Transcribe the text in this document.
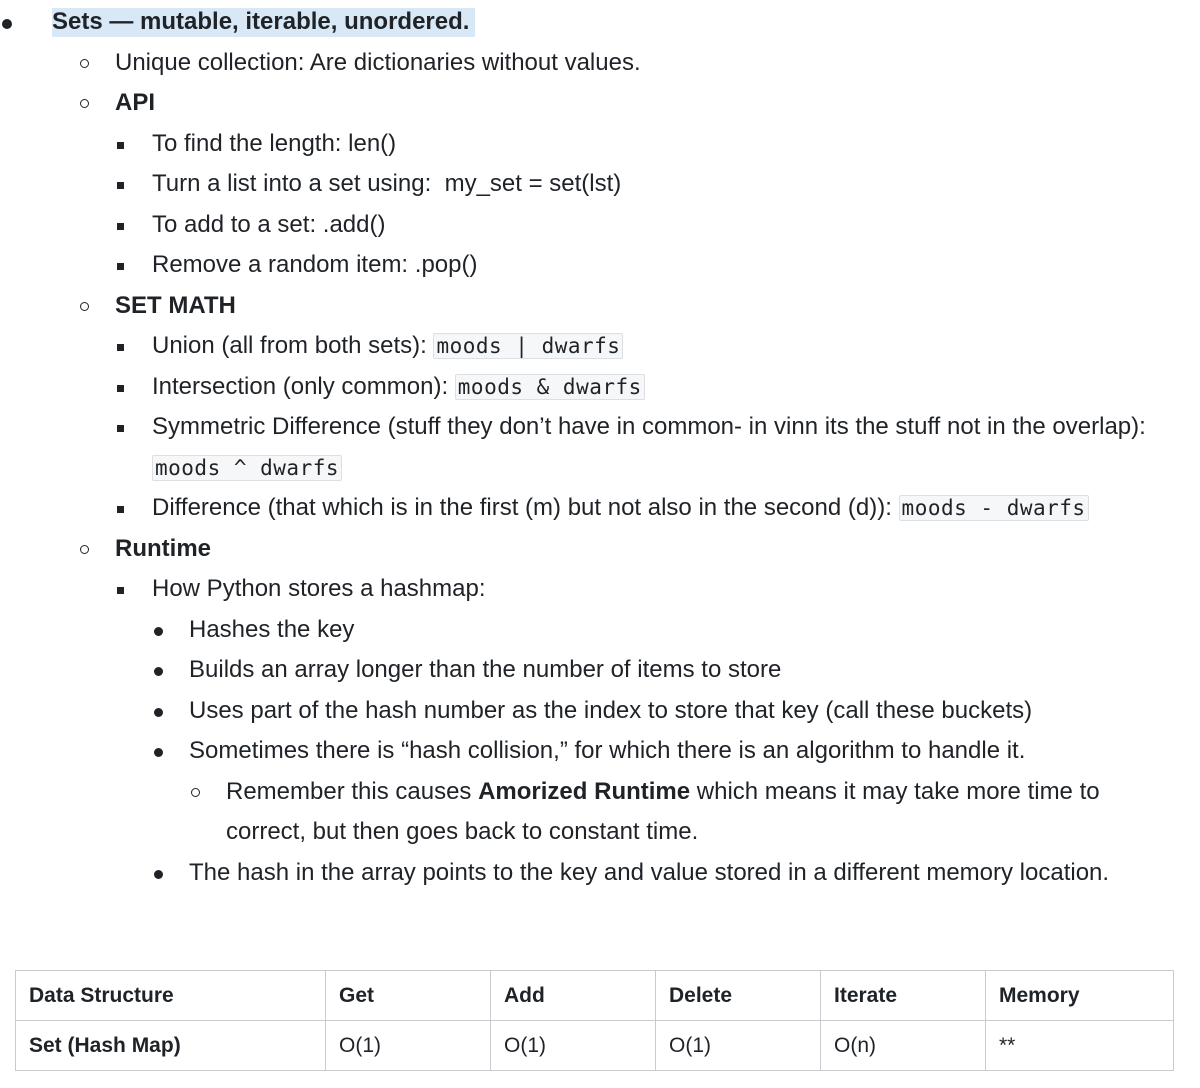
Sets — mutable, iterable, unordered.
Unique collection: Are dictionaries without values.
API
To find the length: len()
Turn a list into a set using:  my_set = set(lst)
To add to a set: .add()
Remove a random item: .pop()
SET MATH
Union (all from both sets): moods | dwarfs
Intersection (only common): moods & dwarfs
Symmetric Difference (stuff they don’t have in common- in vinn its the stuff not in the overlap): moods ^ dwarfs
Difference (that which is in the first (m) but not also in the second (d)): moods - dwarfs
Runtime
How Python stores a hashmap:
Hashes the key
Builds an array longer than the number of items to store
Uses part of the hash number as the index to store that key (call these buckets)
Sometimes there is “hash collision,” for which there is an algorithm to handle it.
Remember this causes Amorized Runtime which means it may take more time to correct, but then goes back to constant time.
The hash in the array points to the key and value stored in a different memory location.
Data Structure	Get	Add	Delete	Iterate	Memory
Set (Hash Map)	O(1)	O(1)	O(1)	O(n)	**
